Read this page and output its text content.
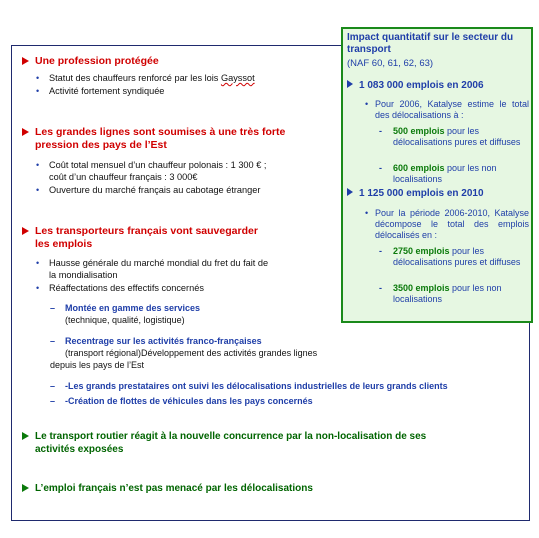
Une profession protégée
•	Statut des chauffeurs renforcé par les lois Gayssot
•	Activité fortement syndiquée
Les grandes lignes sont soumises à une très forte
pression des pays de l’Est
•	Coût total mensuel d’un chauffeur polonais : 1 300 € ;
coût d’un chauffeur français : 3 000€
•	Ouverture du marché français au cabotage étranger
Les transporteurs français vont sauvegarder
les emplois
•	Hausse générale du marché mondial du fret du fait de
la mondialisation
•	Réaffectations des effectifs concernés
–	Montée en gamme des services
(technique, qualité, logistique)
–	Recentrage sur les activités franco-françaises
(transport régional)Développement des activités grandes lignes
depuis les pays de l’Est
–	-Les grands prestataires ont suivi les délocalisations industrielles de leurs grands clients
–	-Création de flottes de véhicules dans les pays concernés
Le transport routier réagit à la nouvelle concurrence par la non-localisation de ses
activités exposées
L’emploi français n’est pas menacé par les délocalisations
Impact quantitatif sur le secteur du transport
(NAF 60, 61, 62, 63)
1 083 000 emplois en 2006
• Pour 2006, Katalyse estime le total des délocalisations à :
-	500 emplois pour les délocalisations pures et diffuses
-	600 emplois pour les non localisations
1 125 000 emplois en 2010
• Pour la période 2006-2010, Katalyse décompose le total des emplois délocalisés en :
-	2750 emplois pour les délocalisations pures et diffuses
-	3500 emplois pour les non localisations
